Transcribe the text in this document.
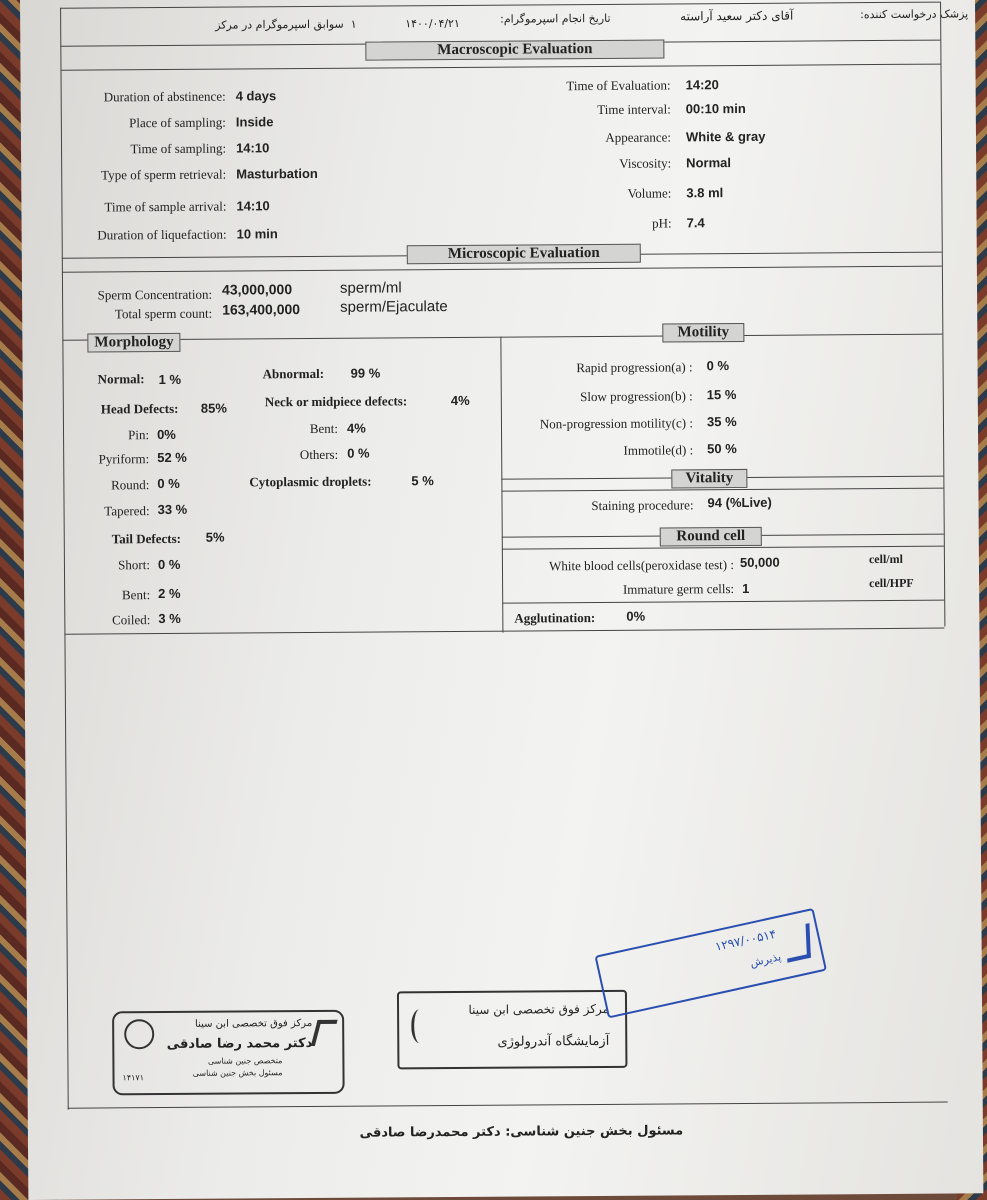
پزشک درخواست کننده:
آقای دکتر سعید آراسته
تاریخ انجام اسپرموگرام:
۱۴۰۰/۰۴/۲۱
۱  سوابق اسپرموگرام در مرکز
Macroscopic Evaluation
Duration of abstinence: 4 days
Place of sampling: Inside
Time of sampling: 14:10
Type of sperm retrieval: Masturbation
Time of sample arrival: 14:10
Duration of liquefaction: 10 min
Time of Evaluation: 14:20
Time interval: 00:10 min
Appearance: White & gray
Viscosity: Normal
Volume: 3.8 ml
pH: 7.4
Microscopic Evaluation
Sperm Concentration: 43,000,000	sperm/ml
Total sperm count: 163,400,000	sperm/Ejaculate
Morphology
Motility
Normal: 1 %	Abnormal: 99 %
Head Defects: 85%	Neck or midpiece defects:	4%
Pin: 0%	Bent: 4%
Pyriform: 52 %	Others: 0 %
Round: 0 %	Cytoplasmic droplets:	5 %
Tapered: 33 %
Tail Defects: 5%
Short: 0 %
Bent: 2 %
Coiled: 3 %
Rapid progression(a) : 0 %
Slow progression(b) : 15 %
Non-progression motility(c) : 35 %
Immotile(d) : 50 %
Vitality
Staining procedure: 94 (%Live)
Round cell
White blood cells(peroxidase test) : 50,000	cell/ml
Immature germ cells: 1	cell/HPF
Agglutination: 0%
مرکز فوق تخصصی ابن سینا
دکتر محمد رضا صادقی
متخصص جنین شناسی
مسئول بخش جنین شناسی
۱۴۱۷۱
مرکز فوق تخصصی ابن سینا
آزمایشگاه آندرولوژی
۱۲۹۷/۰۰۵۱۴
پذیرش
مسئول بخش جنین شناسی: دکتر محمدرضا صادقی
